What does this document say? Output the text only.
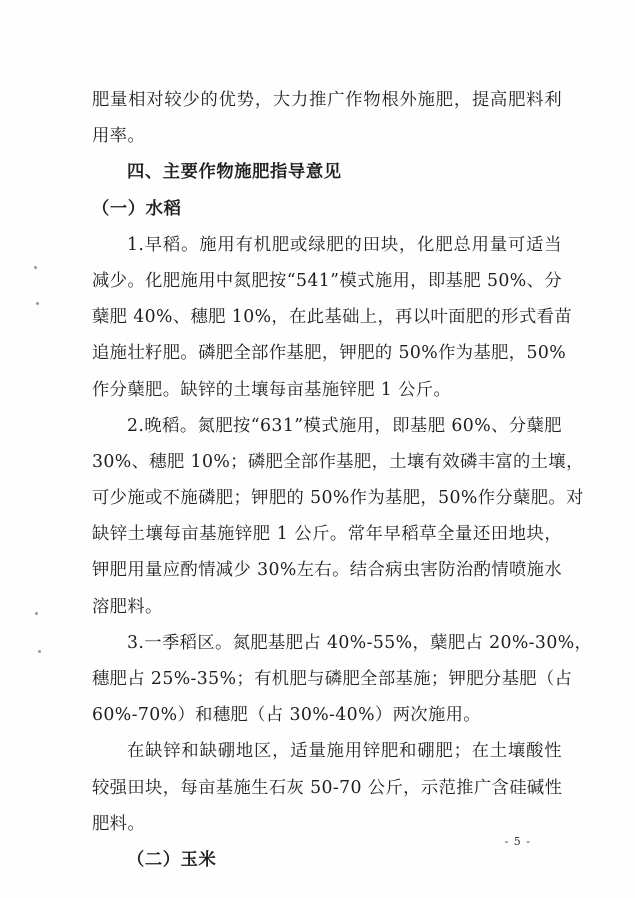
肥量相对较少的优势，大力推广作物根外施肥，提高肥料利
用率。
四、主要作物施肥指导意见
（一）水稻
1.早稻。施用有机肥或绿肥的田块，化肥总用量可适当
减少。化肥施用中氮肥按“541”模式施用，即基肥 50%、分
蘖肥 40%、穗肥 10%，在此基础上，再以叶面肥的形式看苗
追施壮籽肥。磷肥全部作基肥，钾肥的 50%作为基肥，50%
作分蘖肥。缺锌的土壤每亩基施锌肥 1 公斤。
2.晚稻。氮肥按“631”模式施用，即基肥 60%、分蘖肥
30%、穗肥 10%；磷肥全部作基肥，土壤有效磷丰富的土壤，
可少施或不施磷肥；钾肥的 50%作为基肥，50%作分蘖肥。对
缺锌土壤每亩基施锌肥 1 公斤。常年早稻草全量还田地块，
钾肥用量应酌情减少 30%左右。结合病虫害防治酌情喷施水
溶肥料。
3.一季稻区。氮肥基肥占 40%-55%，蘖肥占 20%-30%，
穗肥占 25%-35%；有机肥与磷肥全部基施；钾肥分基肥（占
60%-70%）和穗肥（占 30%-40%）两次施用。
在缺锌和缺硼地区，适量施用锌肥和硼肥；在土壤酸性
较强田块，每亩基施生石灰 50-70 公斤，示范推广含硅碱性
肥料。
（二）玉米
- 5 -
